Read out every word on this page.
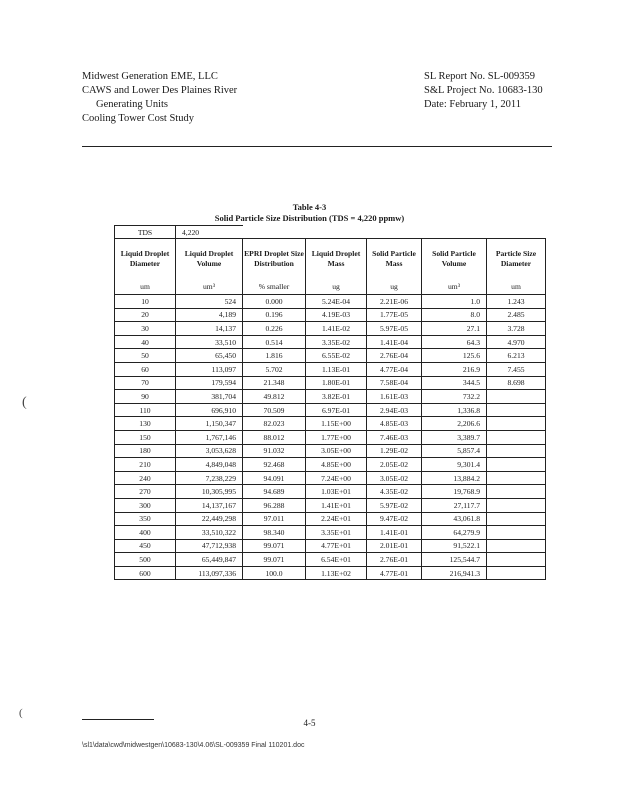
Midwest Generation EME, LLC
CAWS and Lower Des Plaines River
Generating Units
Cooling Tower Cost Study
SL Report No. SL-009359
S&L Project No. 10683-130
Date: February 1, 2011
Table 4-3
Solid Particle Size Distribution (TDS = 4,220 ppmw)
TDS	4,220					
Liquid Droplet Diameter	Liquid Droplet Volume	EPRI Droplet Size Distribution	Liquid Droplet Mass	Solid Particle Mass	Solid Particle Volume	Particle Size Diameter
um	um³	% smaller	ug	ug	um³	um
10	524	0.000	5.24E-04	2.21E-06	1.0	1.243
20	4,189	0.196	4.19E-03	1.77E-05	8.0	2.485
30	14,137	0.226	1.41E-02	5.97E-05	27.1	3.728
40	33,510	0.514	3.35E-02	1.41E-04	64.3	4.970
50	65,450	1.816	6.55E-02	2.76E-04	125.6	6.213
60	113,097	5.702	1.13E-01	4.77E-04	216.9	7.455
70	179,594	21.348	1.80E-01	7.58E-04	344.5	8.698
90	381,704	49.812	3.82E-01	1.61E-03	732.2	
110	696,910	70.509	6.97E-01	2.94E-03	1,336.8	
130	1,150,347	82.023	1.15E+00	4.85E-03	2,206.6	
150	1,767,146	88.012	1.77E+00	7.46E-03	3,389.7	
180	3,053,628	91.032	3.05E+00	1.29E-02	5,857.4	
210	4,849,048	92.468	4.85E+00	2.05E-02	9,301.4	
240	7,238,229	94.091	7.24E+00	3.05E-02	13,884.2	
270	10,305,995	94.689	1.03E+01	4.35E-02	19,768.9	
300	14,137,167	96.288	1.41E+01	5.97E-02	27,117.7	
350	22,449,298	97.011	2.24E+01	9.47E-02	43,061.8	
400	33,510,322	98.340	3.35E+01	1.41E-01	64,279.9	
450	47,712,938	99.071	4.77E+01	2.01E-01	91,522.1	
500	65,449,847	99.071	6.54E+01	2.76E-01	125,544.7	
600	113,097,336	100.0	1.13E+02	4.77E-01	216,941.3	
(
(
4-5
\sl1\data\cwd\midwestgen\10683-130\4.06\SL-009359 Final 110201.doc
